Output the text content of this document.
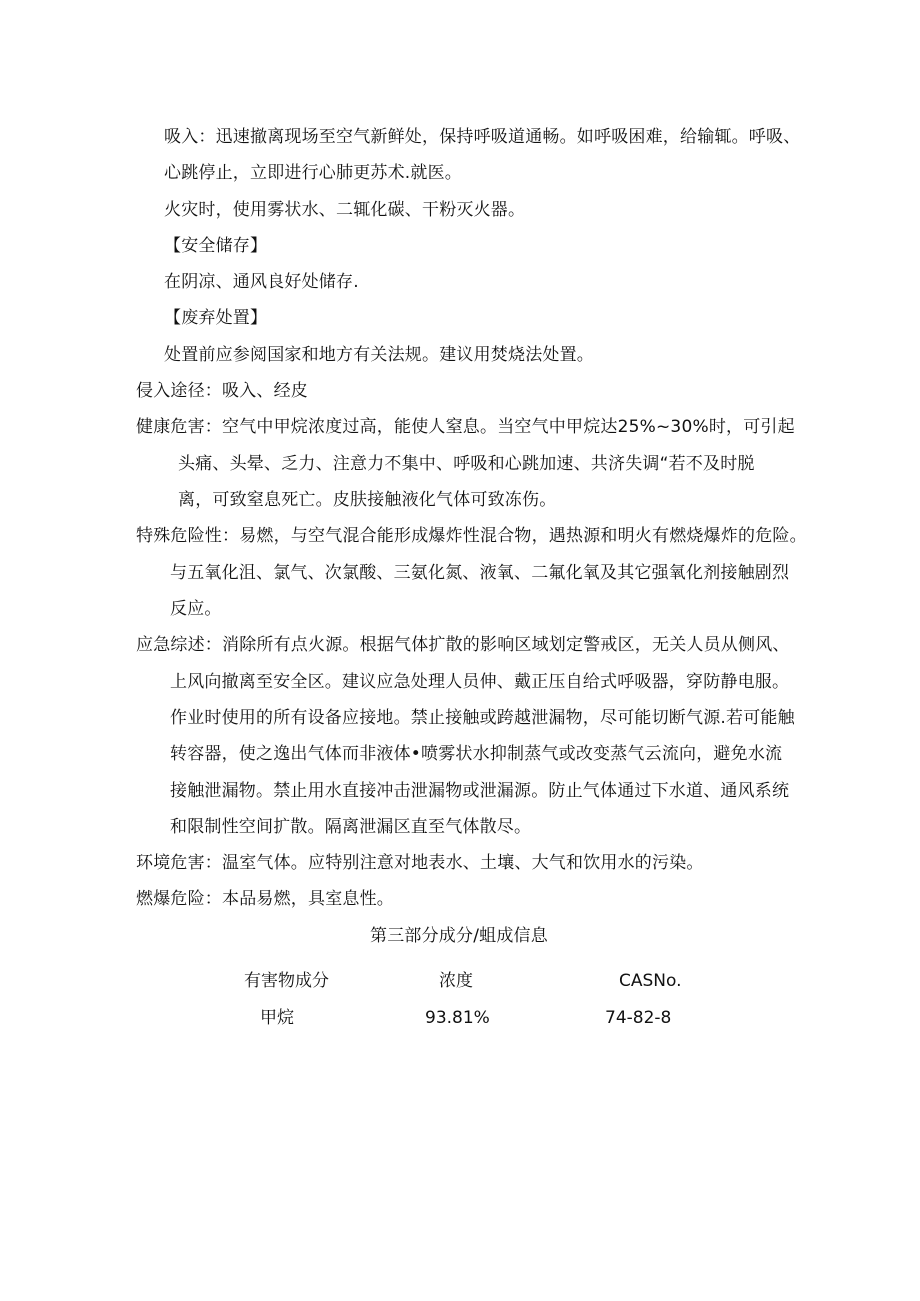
吸入：迅速撤离现场至空气新鲜处，保持呼吸道通畅。如呼吸困难，给输辄。呼吸、
心跳停止，立即进行心肺更苏术.就医。
火灾时，使用雾状水、二辄化碳、干粉灭火器。
【安全储存】
在阴凉、通风良好处储存.
【废弃处置】
处置前应参阅国家和地方有关法规。建议用焚烧法处置。
侵入途径：吸入、经皮
健康危害：空气中甲烷浓度过高，能使人窒息。当空气中甲烷达25%~30%时，可引起
头痛、头晕、乏力、注意力不集中、呼吸和心跳加速、共济失调“若不及时脱
离，可致窒息死亡。皮肤接触液化气体可致冻伤。
特殊危险性：易燃，与空气混合能形成爆炸性混合物，遇热源和明火有燃烧爆炸的危险。
与五氧化沮、氯气、次氯酸、三氨化氮、液氧、二氟化氧及其它强氧化剂接触剧烈
反应。
应急综述：消除所有点火源。根据气体扩散的影响区域划定警戒区，无关人员从侧风、
上风向撤离至安全区。建议应急处理人员伸、戴正压自给式呼吸器，穿防静电服。
作业时使用的所有设备应接地。禁止接触或跨越泄漏物，尽可能切断气源.若可能触
转容器，使之逸出气体而非液体•喷雾状水抑制蒸气或改变蒸气云流向，避免水流
接触泄漏物。禁止用水直接冲击泄漏物或泄漏源。防止气体通过下水道、通风系统
和限制性空间扩散。隔离泄漏区直至气体散尽。
环境危害：温室气体。应特别注意对地表水、土壤、大气和饮用水的污染。
燃爆危险：本品易燃，具室息性。
第三部分成分/蛆成信息
有害物成分	浓度	CASNo.
甲烷	93.81%	74-82-8
